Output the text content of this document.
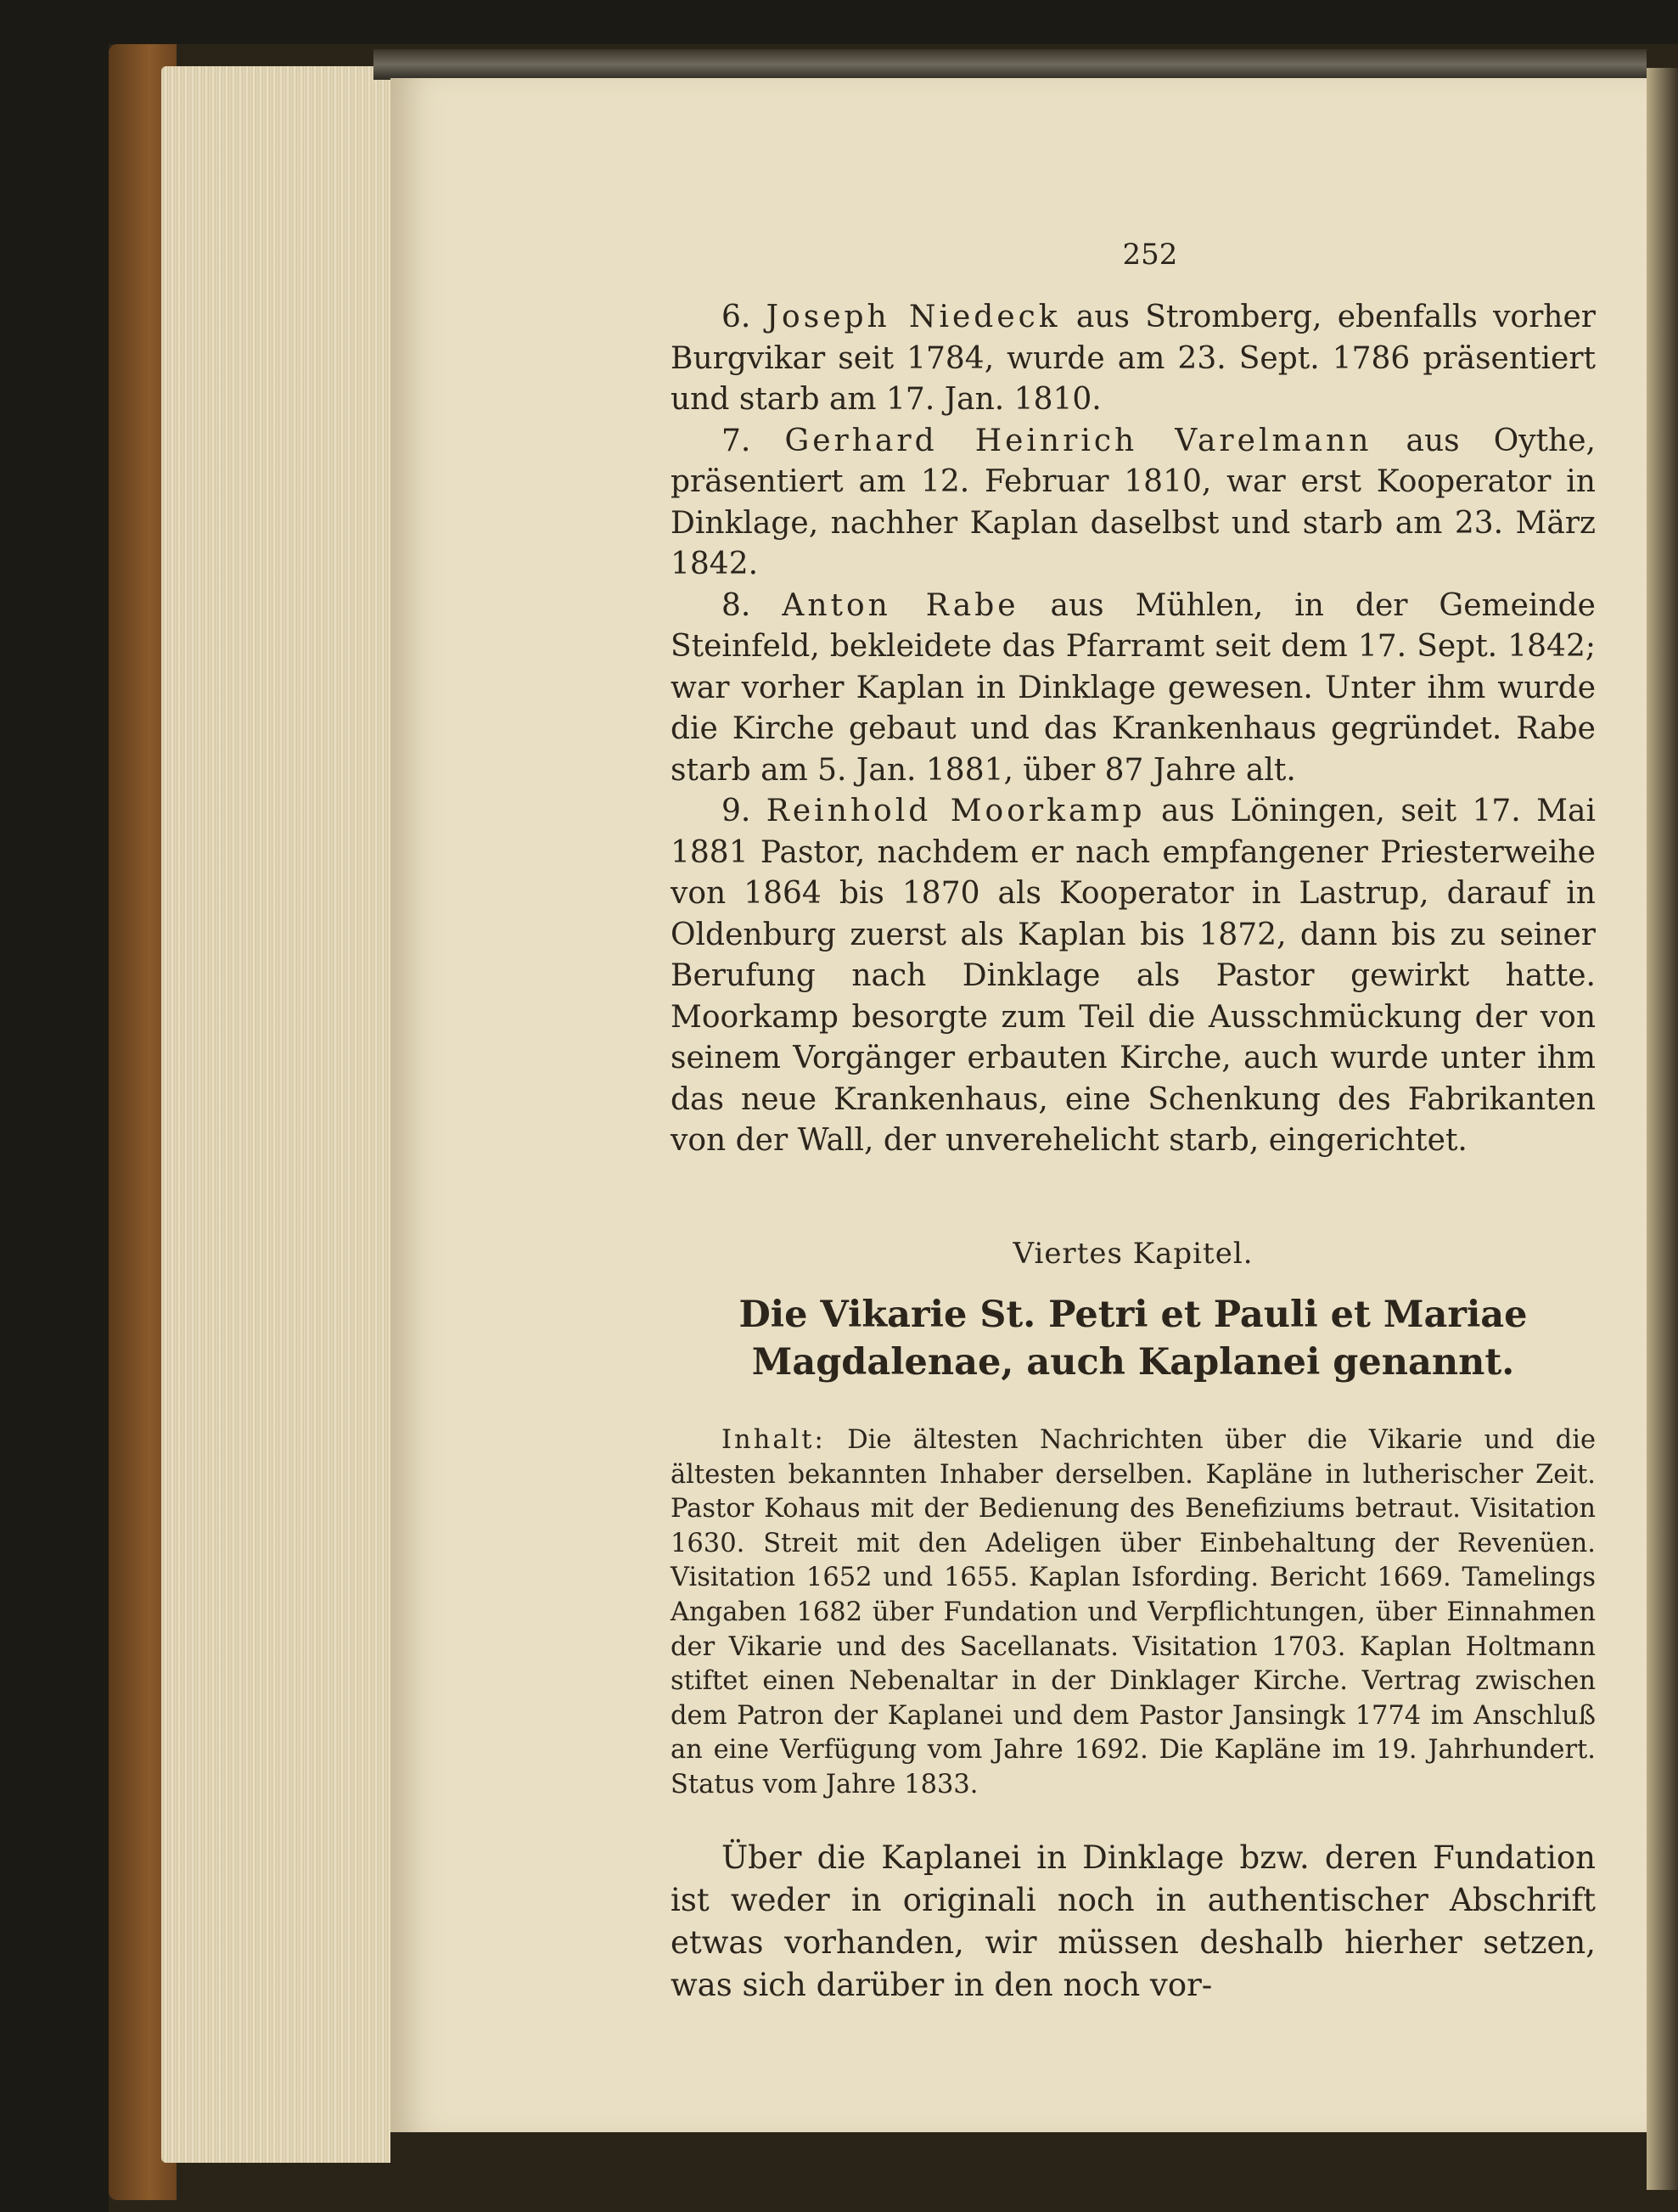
252

6. Joseph Niedeck aus Stromberg, ebenfalls vorher Burgvikar seit 1784, wurde am 23. Sept. 1786 präsentiert und starb am 17. Jan. 1810.

7. Gerhard Heinrich Varelmann aus Oythe, präsentiert am 12. Februar 1810, war erst Kooperator in Dinklage, nachher Kaplan daselbst und starb am 23. März 1842.

8. Anton Rabe aus Mühlen, in der Gemeinde Steinfeld, bekleidete das Pfarramt seit dem 17. Sept. 1842; war vorher Kaplan in Dinklage gewesen. Unter ihm wurde die Kirche gebaut und das Krankenhaus gegründet. Rabe starb am 5. Jan. 1881, über 87 Jahre alt.

9. Reinhold Moorkamp aus Löningen, seit 17. Mai 1881 Pastor, nachdem er nach empfangener Priesterweihe von 1864 bis 1870 als Kooperator in Lastrup, darauf in Oldenburg zuerst als Kaplan bis 1872, dann bis zu seiner Berufung nach Dinklage als Pastor gewirkt hatte. Moorkamp besorgte zum Teil die Ausschmückung der von seinem Vorgänger erbauten Kirche, auch wurde unter ihm das neue Krankenhaus, eine Schenkung des Fabrikanten von der Wall, der unverehelicht starb, eingerichtet.

Viertes Kapitel.
Die Vikarie St. Petri et Pauli et Mariae
Magdalenae, auch Kaplanei genannt.

Inhalt: Die ältesten Nachrichten über die Vikarie und die ältesten bekannten Inhaber derselben. Kapläne in lutherischer Zeit. Pastor Kohaus mit der Bedienung des Benefiziums betraut. Visitation 1630. Streit mit den Adeligen über Einbehaltung der Revenüen. Visitation 1652 und 1655. Kaplan Isfording. Bericht 1669. Tamelings Angaben 1682 über Fundation und Verpflichtungen, über Einnahmen der Vikarie und des Sacellanats. Visitation 1703. Kaplan Holtmann stiftet einen Nebenaltar in der Dinklager Kirche. Vertrag zwischen dem Patron der Kaplanei und dem Pastor Jansingk 1774 im Anschluß an eine Verfügung vom Jahre 1692. Die Kapläne im 19. Jahrhundert. Status vom Jahre 1833.

Über die Kaplanei in Dinklage bzw. deren Fundation ist weder in originali noch in authentischer Abschrift etwas vorhanden, wir müssen deshalb hierher setzen, was sich darüber in den noch vor-
